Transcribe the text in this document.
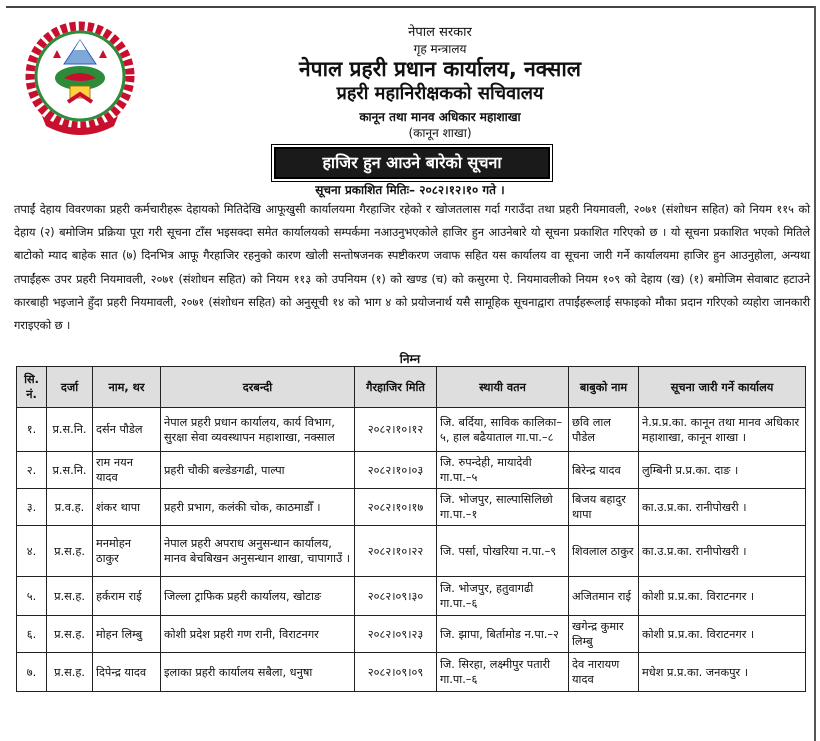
नेपाल सरकार
गृह मन्त्रालय
नेपाल प्रहरी प्रधान कार्यालय, नक्साल
प्रहरी महानिरीक्षकको सचिवालय
कानून तथा मानव अधिकार महाशाखा
(कानून शाखा)
हाजिर हुन आउने बारेको सूचना
सूचना प्रकाशित मितिः– २०८२।१२।१० गते ।
तपाईं देहाय विवरणका प्रहरी कर्मचारीहरू देहायको मितिदेखि आफूखुसी कार्यालयमा गैरहाजिर रहेको र खोजतलास गर्दा गराउँदा तथा प्रहरी नियमावली, २०७१ (संशोधन सहित) को नियम ११५ को देहाय (२) बमोजिम प्रक्रिया पूरा गरी सूचना टाँस भइसक्दा समेत कार्यालयको सम्पर्कमा नआउनुभएकोले हाजिर हुन आउनेबारे यो सूचना प्रकाशित गरिएको छ । यो सूचना प्रकाशित भएको मितिले बाटोको म्याद बाहेक सात (७) दिनभित्र आफू गैरहाजिर रहनुको कारण खोली सन्तोषजनक स्पष्टीकरण जवाफ सहित यस कार्यालय वा सूचना जारी गर्ने कार्यालयमा हाजिर हुन आउनुहोला, अन्यथा तपाईंहरू उपर प्रहरी नियमावली, २०७१ (संशोधन सहित) को नियम ११३ को उपनियम (१) को खण्ड (च) को कसुरमा ऐ. नियमावलीको नियम १०९ को देहाय (ख) (१) बमोजिम सेवाबाट हटाउने कारबाही भइजाने हुँदा प्रहरी नियमावली, २०७१ (संशोधन सहित) को अनुसूची १४ को भाग ४ को प्रयोजनार्थ यसै सामूहिक सूचनाद्वारा तपाईंहरूलाई सफाइको मौका प्रदान गरिएको व्यहोरा जानकारी गराइएको छ ।
निम्न
सि. नं.	दर्जा	नाम, थर	दरबन्दी	गैरहाजिर मिति	स्थायी वतन	बाबुको नाम	सूचना जारी गर्ने कार्यालय
१.	प्र.स.नि.	दर्सन पौडेल	नेपाल प्रहरी प्रधान कार्यालय, कार्य विभाग, सुरक्षा सेवा व्यवस्थापन महाशाखा, नक्साल	२०८२।१०।१२	जि. बर्दिया, साविक कालिका–५, हाल बढैयाताल गा.पा.–८	छवि लाल पौडेल	ने.प्र.प्र.का. कानून तथा मानव अधिकार महाशाखा, कानून शाखा ।
२.	प्र.स.नि.	राम नयन यादव	प्रहरी चौकी बल्डेङगढी, पाल्पा	२०८२।१०।०३	जि. रुपन्देही, मायादेवी गा.पा.–५	बिरेन्द्र यादव	लुम्बिनी प्र.प्र.का. दाङ ।
३.	प्र.व.ह.	शंकर थापा	प्रहरी प्रभाग, कलंकी चोक, काठमाडौँ ।	२०८२।१०।१७	जि. भोजपुर, साल्पासिलिछो गा.पा.–१	बिजय बहादुर थापा	का.उ.प्र.का. रानीपोखरी ।
४.	प्र.स.ह.	मनमोहन ठाकुर	नेपाल प्रहरी अपराध अनुसन्धान कार्यालय, मानव बेचबिखन अनुसन्धान शाखा, चापागाउँ ।	२०८२।१०।२२	जि. पर्सा, पोखरिया न.पा.–९	शिवलाल ठाकुर	का.उ.प्र.का. रानीपोखरी ।
५.	प्र.स.ह.	हर्कराम राई	जिल्ला ट्राफिक प्रहरी कार्यालय, खोटाङ	२०८२।०९।३०	जि. भोजपुर, हतुवागढी गा.पा.–६	अजितमान राई	कोशी प्र.प्र.का. विराटनगर ।
६.	प्र.स.ह.	मोहन लिम्बु	कोशी प्रदेश प्रहरी गण रानी, विराटनगर	२०८२।०९।२३	जि. झापा, बिर्तामोड न.पा.–२	खगेन्द्र कुमार लिम्बु	कोशी प्र.प्र.का. विराटनगर ।
७.	प्र.स.ह.	दिपेन्द्र यादव	इलाका प्रहरी कार्यालय सबैला, धनुषा	२०८२।०९।०९	जि. सिरहा, लक्ष्मीपुर पतारी गा.पा.–६	देव नारायण यादव	मधेश प्र.प्र.का. जनकपुर ।
